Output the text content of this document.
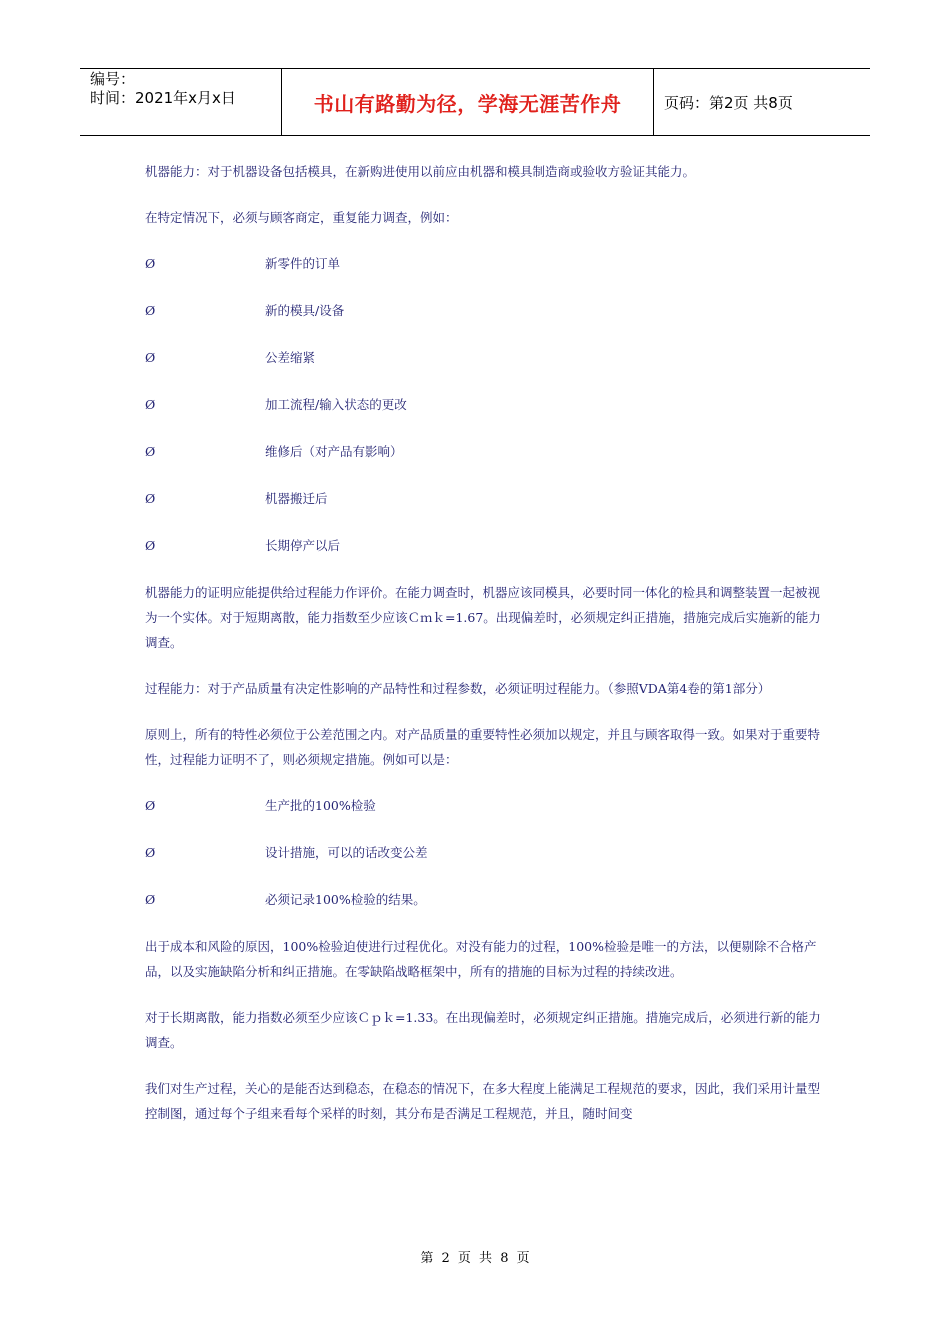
编号：
时间：2021年x月x日	书山有路勤为径，学海无涯苦作舟	页码：第2页 共8页
机器能力：对于机器设备包括模具，在新购进使用以前应由机器和模具制造商或验收方验证其能力。
在特定情况下，必须与顾客商定，重复能力调查，例如：
Ø	新零件的订单
Ø	新的模具/设备
Ø	公差缩紧
Ø	加工流程/输入状态的更改
Ø	维修后（对产品有影响）
Ø	机器搬迁后
Ø	长期停产以后
机器能力的证明应能提供给过程能力作评价。在能力调查时，机器应该同模具，必要时同一体化的检具和调整装置一起被视为一个实体。对于短期离散，能力指数至少应该Ｃｍｋ=1.67。出现偏差时，必须规定纠正措施，措施完成后实施新的能力调查。
过程能力：对于产品质量有决定性影响的产品特性和过程参数，必须证明过程能力。（参照VDA第4卷的第1部分）
原则上，所有的特性必须位于公差范围之内。对产品质量的重要特性必须加以规定，并且与顾客取得一致。如果对于重要特性，过程能力证明不了，则必须规定措施。例如可以是：
Ø	生产批的100%检验
Ø	设计措施，可以的话改变公差
Ø	必须记录100%检验的结果。
出于成本和风险的原因，100%检验迫使进行过程优化。对没有能力的过程，100%检验是唯一的方法，以便剔除不合格产品，以及实施缺陷分析和纠正措施。在零缺陷战略框架中，所有的措施的目标为过程的持续改进。
对于长期离散，能力指数必须至少应该Ｃｐｋ=1.33。在出现偏差时，必须规定纠正措施。措施完成后，必须进行新的能力调查。
我们对生产过程，关心的是能否达到稳态，在稳态的情况下，在多大程度上能满足工程规范的要求，因此，我们采用计量型控制图，通过每个子组来看每个采样的时刻，其分布是否满足工程规范，并且，随时间变
第 2 页 共 8 页
